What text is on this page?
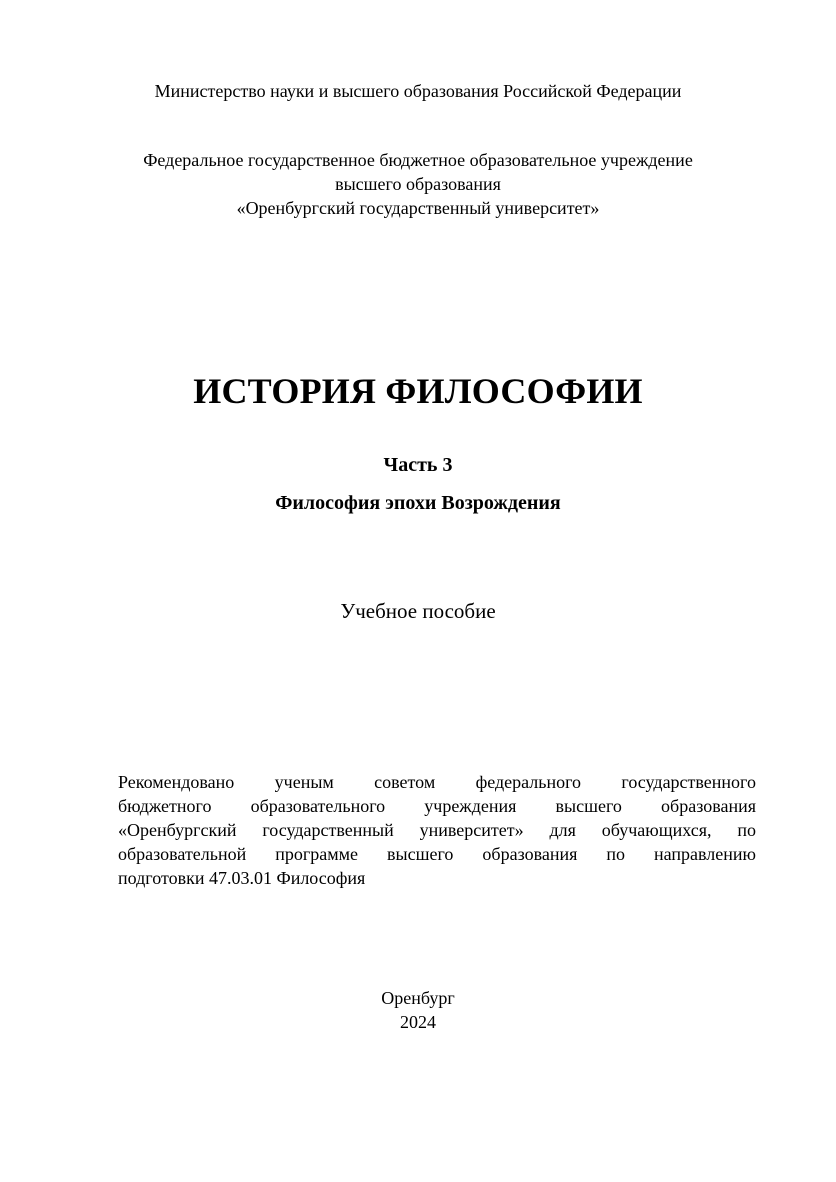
Министерство науки и высшего образования Российской Федерации
Федеральное государственное бюджетное образовательное учреждение
высшего образования
«Оренбургский государственный университет»
ИСТОРИЯ ФИЛОСОФИИ
Часть 3
Философия эпохи Возрождения
Учебное пособие

Рекомендовано ученым советом федерального государственного
бюджетного образовательного учреждения высшего образования
«Оренбургский государственный университет» для обучающихся, по
образовательной программе высшего образования по направлению
подготовки 47.03.01 Философия

Оренбург
2024
